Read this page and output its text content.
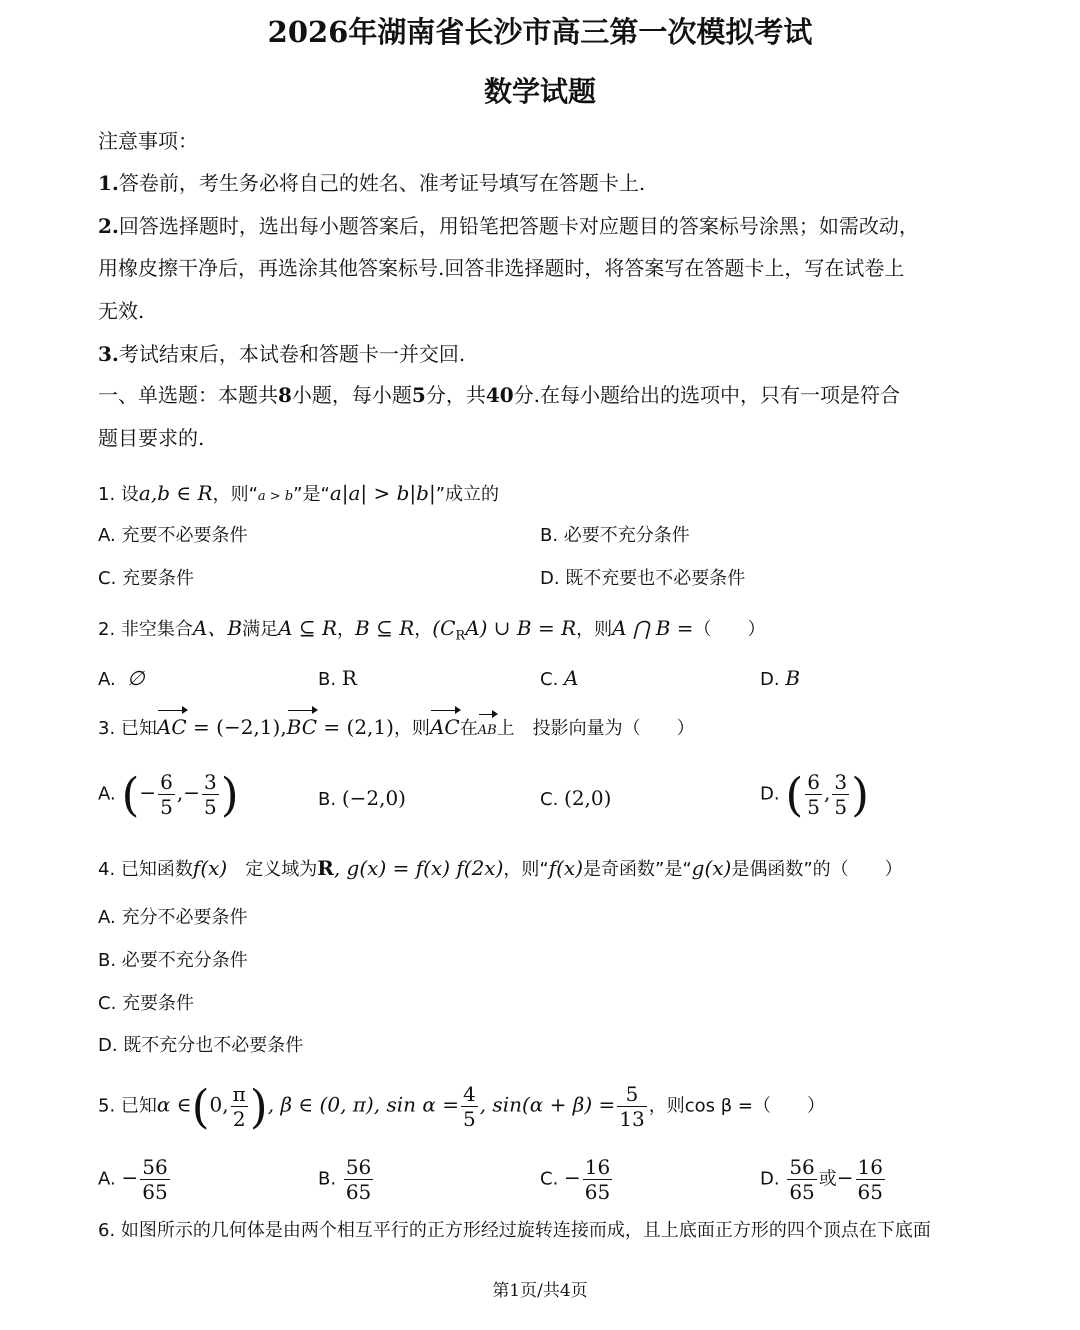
2026年湖南省长沙市高三第一次模拟考试
数学试题
注意事项：
1.答卷前，考生务必将自己的姓名、准考证号填写在答题卡上.
2.回答选择题时，选出每小题答案后，用铅笔把答题卡对应题目的答案标号涂黑；如需改动，
用橡皮擦干净后，再选涂其他答案标号.回答非选择题时，将答案写在答题卡上，写在试卷上
无效.
3.考试结束后，本试卷和答题卡一并交回.
一、单选题：本题共8小题，每小题5分，共40分.在每小题给出的选项中，只有一项是符合
题目要求的.
1. 设a,b ∈ R，则“a > b”是“a|a| > b|b|”成立的
A. 充要不必要条件	B. 必要不充分条件
C. 充要条件	D. 既不充要也不必要条件
2. 非空集合A、B满足A ⊆ R，B ⊆ R，$(C_RA)$ ∪ B = R，则A ⋂ B =（　　）
A. ∅	B. R	C. A	D. B
3. 已知AC = (−2,1),BC = (2,1)，则AC在AB上　投影向量为（　　）
A. (− $\frac{6}{5}$ ,− $\frac{3}{5}$ )	B. (−2,0)	C. (2,0)	D. ( $\frac{6}{5}$ , $\frac{3}{5}$ )
4. 已知函数f(x)　定义域为R, g(x) = f(x) f(2x)，则“f(x)是奇函数”是“g(x)是偶函数”的（　　）
A. 充分不必要条件
B. 必要不充分条件
C. 充要条件
D. 既不充分也不必要条件
5. 已知α ∈(0, $\frac{\pi}{2}$ ), β ∈ (0, π), $\sin \alpha = \frac{4}{5}$ , $\sin(\alpha + \beta) = \frac{5}{13}$ ，则cos β =（　　）
A. − $\frac{56}{65}$	B. $\frac{56}{65}$	C. − $\frac{16}{65}$	D. $\frac{56}{65}$ 或− $\frac{16}{65}$
6. 如图所示的几何体是由两个相互平行的正方形经过旋转连接而成，且上底面正方形的四个顶点在下底面
第1页/共4页
